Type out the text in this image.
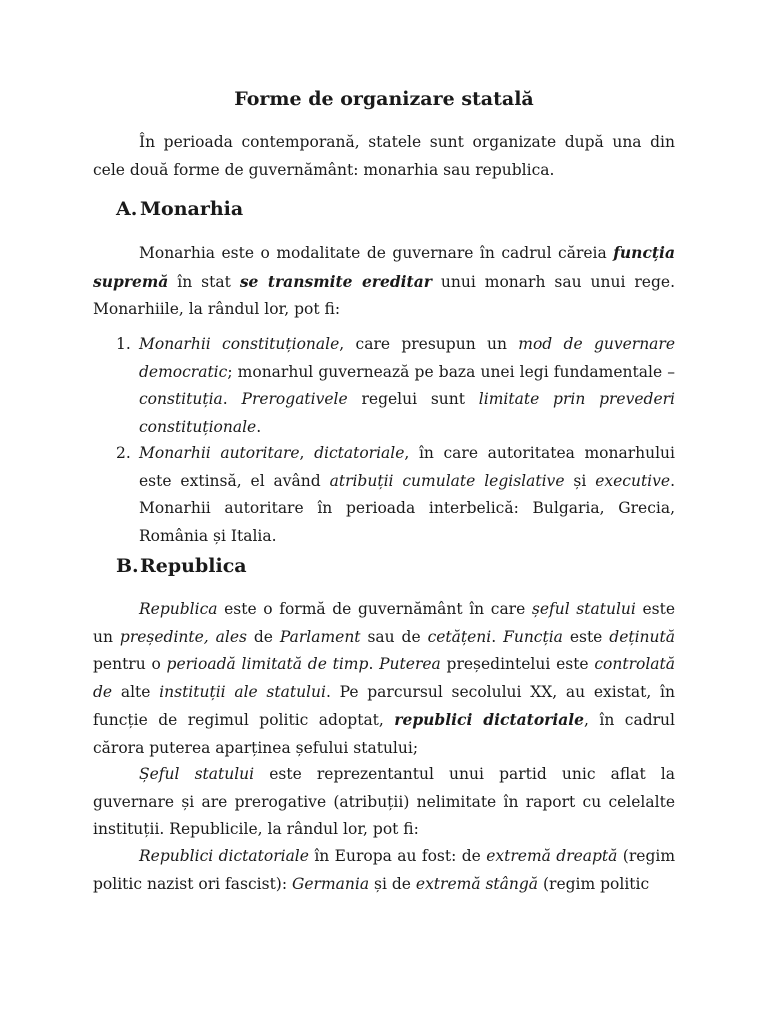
Forme de organizare statală

În perioada contemporană, statele sunt organizate după una din cele două forme de guvernământ: monarhia sau republica.

A. Monarhia

Monarhia este o modalitate de guvernare în cadrul căreia funcția supremă în stat se transmite ereditar unui monarh sau unui rege. Monarhiile, la rândul lor, pot fi:

1. Monarhii constituționale, care presupun un mod de guvernare democratic; monarhul guvernează pe baza unei legi fundamentale – constituția. Prerogativele regelui sunt limitate prin prevederi constituționale.
2. Monarhii autoritare, dictatoriale, în care autoritatea monarhului este extinsă, el având atribuții cumulate legislative și executive. Monarhii autoritare în perioada interbelică: Bulgaria, Grecia, România și Italia.
B.Republica

Republica este o formă de guvernământ în care șeful statului este un președinte, ales de Parlament sau de cetățeni. Funcția este deținută pentru o perioadă limitată de timp. Puterea președintelui este controlată de alte instituții ale statului. Pe parcursul secolului XX, au existat, în funcție de regimul politic adoptat, republici dictatoriale, în cadrul cărora puterea aparținea șefului statului;

Șeful statului este reprezentantul unui partid unic aflat la guvernare și are prerogative (atribuții) nelimitate în raport cu celelalte instituții. Republicile, la rândul lor, pot fi:

Republici dictatoriale în Europa au fost: de extremă dreaptă (regim politic nazist ori fascist): Germania și de extremă stângă (regim politic
